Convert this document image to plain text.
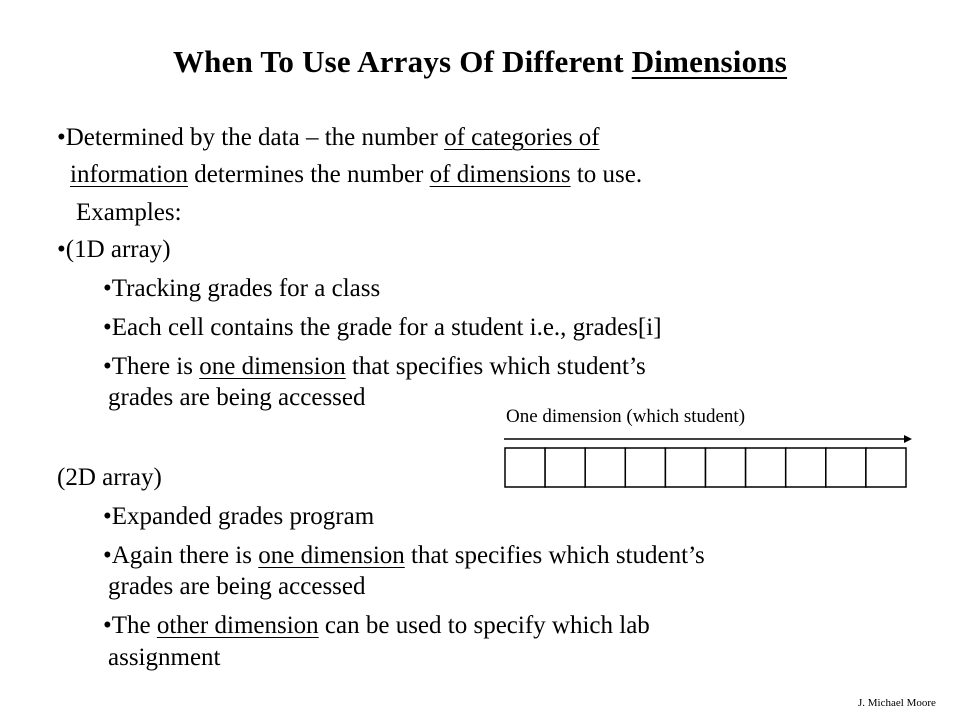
When To Use Arrays Of Different Dimensions
•Determined by the data – the number of categories of
information determines the number of dimensions to use.
Examples:
•(1D array)
•Tracking grades for a class
•Each cell contains the grade for a student i.e., grades[i]
•There is one dimension that specifies which student’s
grades are being accessed
One dimension (which student)
(2D array)
•Expanded grades program
•Again there is one dimension that specifies which student’s
grades are being accessed
•The other dimension can be used to specify which lab
assignment
J. Michael Moore
